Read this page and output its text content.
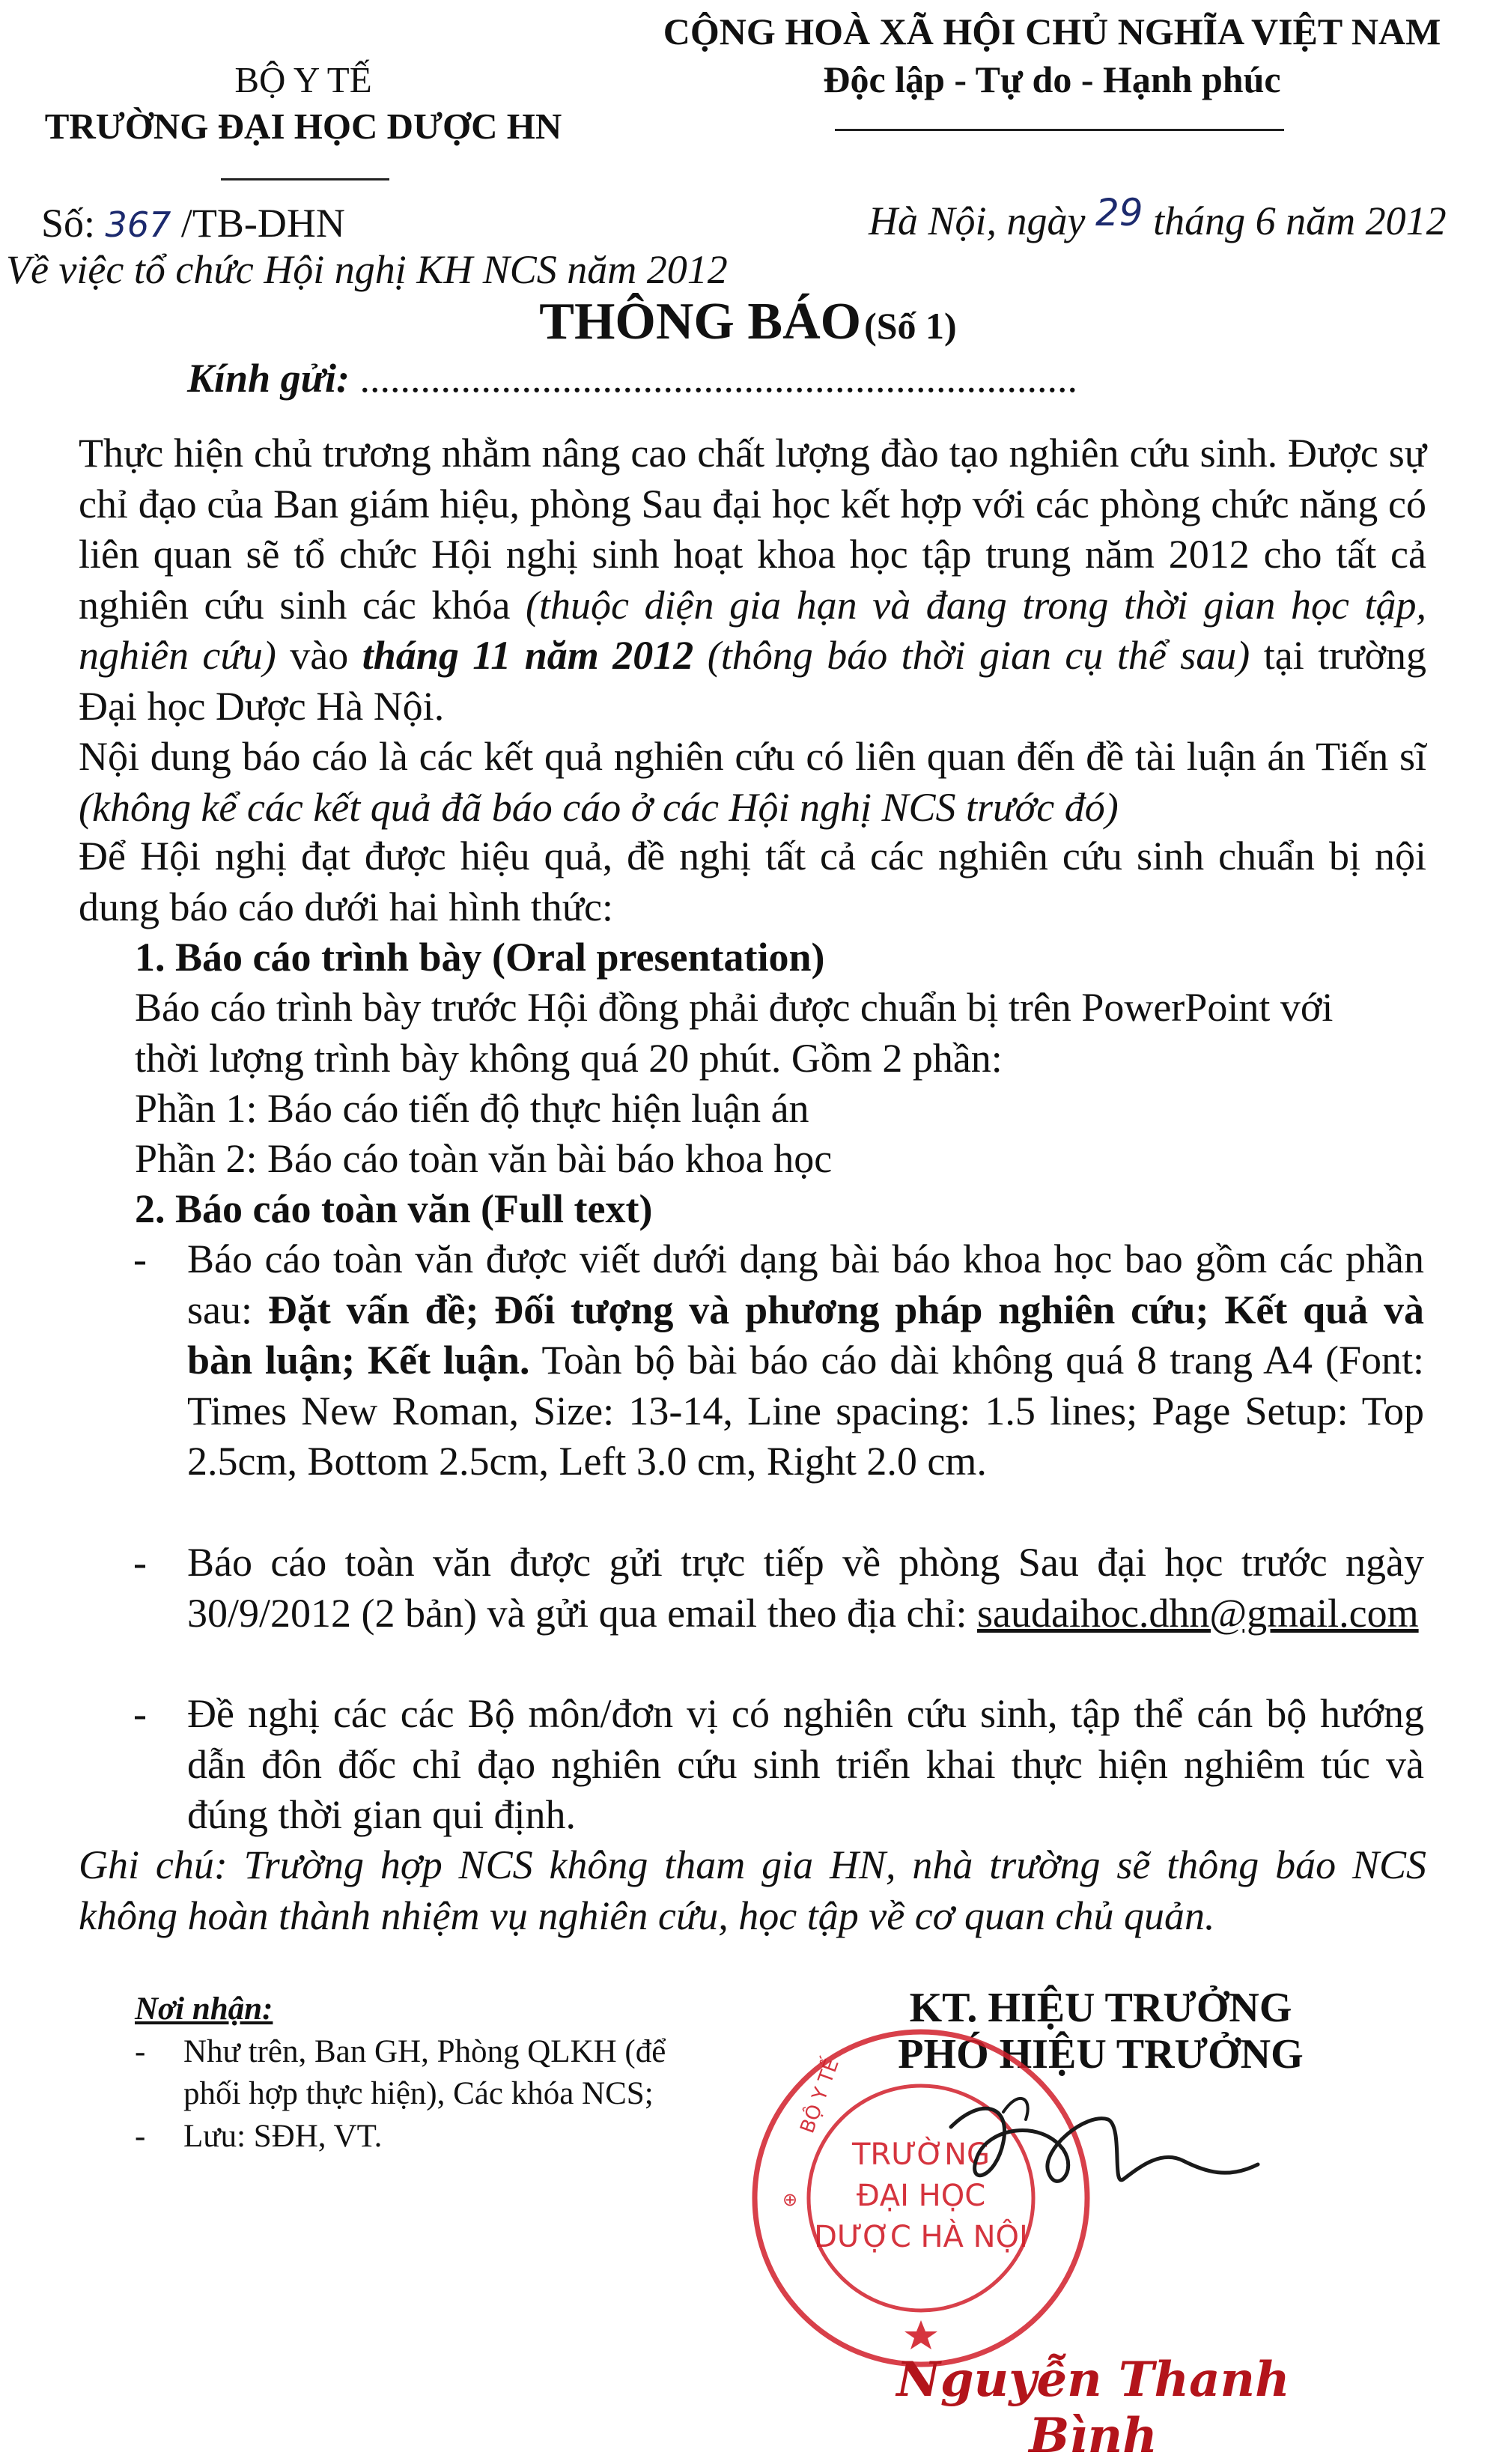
BỘ Y TẾ
TRƯỜNG ĐẠI HỌC DƯỢC HN
CỘNG HOÀ XÃ HỘI CHỦ NGHĨA VIỆT NAM
Độc lập - Tự do - Hạnh phúc
Số: 367 /TB-DHN	Hà Nội, ngày 29 tháng 6 năm 2012
Về việc tổ chức Hội nghị KH NCS năm 2012
THÔNG BÁO (Số 1)
Kính gửi: .......................................................................
Thực hiện chủ trương nhằm nâng cao chất lượng đào tạo nghiên cứu sinh. Được sự chỉ đạo của Ban giám hiệu, phòng Sau đại học kết hợp với các phòng chức năng có liên quan sẽ tổ chức Hội nghị sinh hoạt khoa học tập trung năm 2012 cho tất cả nghiên cứu sinh các khóa (thuộc diện gia hạn và đang trong thời gian học tập, nghiên cứu) vào tháng 11 năm 2012 (thông báo thời gian cụ thể sau) tại trường Đại học Dược Hà Nội.
Nội dung báo cáo là các kết quả nghiên cứu có liên quan đến đề tài luận án Tiến sĩ (không kể các kết quả đã báo cáo ở các Hội nghị NCS trước đó)
Để Hội nghị đạt được hiệu quả, đề nghị tất cả các nghiên cứu sinh chuẩn bị nội dung báo cáo dưới hai hình thức:
1. Báo cáo trình bày (Oral presentation)
Báo cáo trình bày trước Hội đồng phải được chuẩn bị trên PowerPoint với thời lượng trình bày không quá 20 phút. Gồm 2 phần:
Phần 1: Báo cáo tiến độ thực hiện luận án
Phần 2: Báo cáo toàn văn bài báo khoa học
2. Báo cáo toàn văn (Full text)
- Báo cáo toàn văn được viết dưới dạng bài báo khoa học bao gồm các phần sau: Đặt vấn đề; Đối tượng và phương pháp nghiên cứu; Kết quả và bàn luận; Kết luận. Toàn bộ bài báo cáo dài không quá 8 trang A4 (Font: Times New Roman, Size: 13-14, Line spacing: 1.5 lines; Page Setup: Top 2.5cm, Bottom 2.5cm, Left 3.0 cm, Right 2.0 cm.
- Báo cáo toàn văn được gửi trực tiếp về phòng Sau đại học trước ngày 30/9/2012 (2 bản) và gửi qua email theo địa chỉ: saudaihoc.dhn@gmail.com
- Đề nghị các các Bộ môn/đơn vị có nghiên cứu sinh, tập thể cán bộ hướng dẫn đôn đốc chỉ đạo nghiên cứu sinh triển khai thực hiện nghiêm túc và đúng thời gian qui định.
Ghi chú: Trường hợp NCS không tham gia HN, nhà trường sẽ thông báo NCS không hoàn thành nhiệm vụ nghiên cứu, học tập về cơ quan chủ quản.
Nơi nhận:
- Như trên, Ban GH, Phòng QLKH (để phối hợp thực hiện), Các khóa NCS;
- Lưu: SĐH, VT.
KT. HIỆU TRƯỞNG
PHÓ HIỆU TRƯỞNG
BỘ Y TẾ
TRƯỜNG
ĐẠI HỌC
DƯỢC HÀ NỘI
⊕
Nguyễn Thanh Bình
